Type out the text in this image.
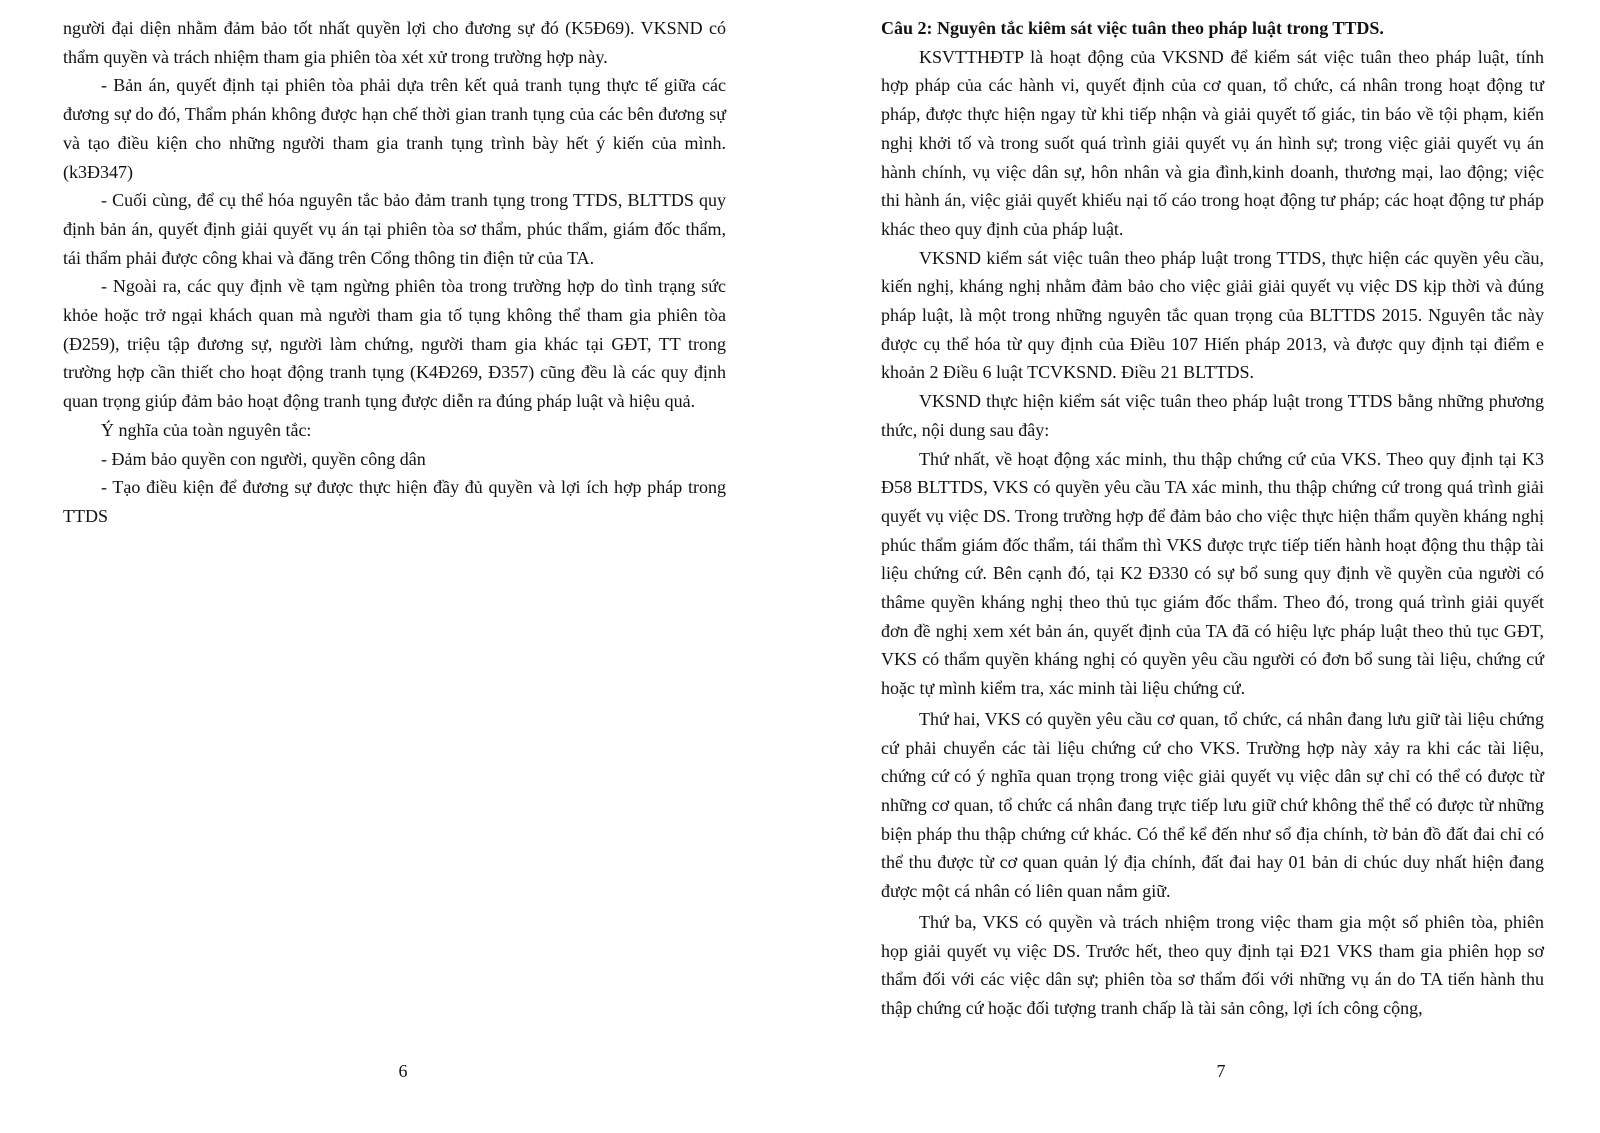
người đại diện nhằm đảm bảo tốt nhất quyền lợi cho đương sự đó (K5Đ69). VKSND có thẩm quyền và trách nhiệm tham gia phiên tòa xét xử trong trường hợp này.

- Bản án, quyết định tại phiên tòa phải dựa trên kết quả tranh tụng thực tế giữa các đương sự do đó, Thẩm phán không được hạn chế thời gian tranh tụng của các bên đương sự và tạo điều kiện cho những người tham gia tranh tụng trình bày hết ý kiến của mình. (k3Đ347)

- Cuối cùng, để cụ thể hóa nguyên tắc bảo đảm tranh tụng trong TTDS, BLTTDS quy định bản án, quyết định giải quyết vụ án tại phiên tòa sơ thẩm, phúc thẩm, giám đốc thẩm, tái thẩm phải được công khai và đăng trên Cổng thông tin điện tử của TA.

- Ngoài ra, các quy định về tạm ngừng phiên tòa trong trường hợp do tình trạng sức khỏe hoặc trở ngại khách quan mà người tham gia tố tụng không thể tham gia phiên tòa (Đ259), triệu tập đương sự, người làm chứng, người tham gia khác tại GĐT, TT trong trường hợp cần thiết cho hoạt động tranh tụng (K4Đ269, Đ357) cũng đều là các quy định quan trọng giúp đảm bảo hoạt động tranh tụng được diễn ra đúng pháp luật và hiệu quả.

Ý nghĩa của toàn nguyên tắc:

- Đảm bảo quyền con người, quyền công dân

- Tạo điều kiện để đương sự được thực hiện đầy đủ quyền và lợi ích hợp pháp trong TTDS

6

Câu 2: Nguyên tắc kiêm sát việc tuân theo pháp luật trong TTDS.

KSVTTHĐTP là hoạt động của VKSND để kiểm sát việc tuân theo pháp luật, tính hợp pháp của các hành vi, quyết định của cơ quan, tổ chức, cá nhân trong hoạt động tư pháp, được thực hiện ngay từ khi tiếp nhận và giải quyết tố giác, tin báo về tội phạm, kiến nghị khởi tố và trong suốt quá trình giải quyết vụ án hình sự; trong việc giải quyết vụ án hành chính, vụ việc dân sự, hôn nhân và gia đình,kinh doanh, thương mại, lao động; việc thi hành án, việc giải quyết khiếu nại tố cáo trong hoạt động tư pháp; các hoạt động tư pháp khác theo quy định của pháp luật.

VKSND kiểm sát việc tuân theo pháp luật trong TTDS, thực hiện các quyền yêu cầu, kiến nghị, kháng nghị nhằm đảm bảo cho việc giải giải quyết vụ việc DS kịp thời và đúng pháp luật, là một trong những nguyên tắc quan trọng của BLTTDS 2015. Nguyên tắc này được cụ thể hóa từ quy định của Điều 107 Hiến pháp 2013, và được quy định tại điểm e khoản 2 Điều 6 luật TCVKSND. Điều 21 BLTTDS.

VKSND thực hiện kiểm sát việc tuân theo pháp luật trong TTDS bằng những phương thức, nội dung sau đây:

Thứ nhất, về hoạt động xác minh, thu thập chứng cứ của VKS. Theo quy định tại K3 Đ58 BLTTDS, VKS có quyền yêu cầu TA xác minh, thu thập chứng cứ trong quá trình giải quyết vụ việc DS. Trong trường hợp để đảm bảo cho việc thực hiện thẩm quyền kháng nghị phúc thẩm giám đốc thẩm, tái thẩm thì VKS được trực tiếp tiến hành hoạt động thu thập tài liệu chứng cứ. Bên cạnh đó, tại K2 Đ330 có sự bổ sung quy định về quyền của người có thâme quyền kháng nghị theo thủ tục giám đốc thẩm. Theo đó, trong quá trình giải quyết đơn đề nghị xem xét bản án, quyết định của TA đã có hiệu lực pháp luật theo thủ tục GĐT, VKS có thẩm quyền kháng nghị có quyền yêu cầu người có đơn bổ sung tài liệu, chứng cứ hoặc tự mình kiểm tra, xác minh tài liệu chứng cứ.

Thứ hai, VKS có quyền yêu cầu cơ quan, tổ chức, cá nhân đang lưu giữ tài liệu chứng cứ phải chuyển các tài liệu chứng cứ cho VKS. Trường hợp này xảy ra khi các tài liệu, chứng cứ có ý nghĩa quan trọng trong việc giải quyết vụ việc dân sự chỉ có thể có được từ những cơ quan, tổ chức cá nhân đang trực tiếp lưu giữ chứ không thể thể có được từ những biện pháp thu thập chứng cứ khác. Có thể kể đến như sổ địa chính, tờ bản đồ đất đai chỉ có thể thu được từ cơ quan quản lý địa chính, đất đai hay 01 bản di chúc duy nhất hiện đang được một cá nhân có liên quan nắm giữ.

Thứ ba, VKS có quyền và trách nhiệm trong việc tham gia một số phiên tòa, phiên họp giải quyết vụ việc DS. Trước hết, theo quy định tại Đ21 VKS tham gia phiên họp sơ thẩm đối với các việc dân sự; phiên tòa sơ thẩm đối với những vụ án do TA tiến hành thu thập chứng cứ hoặc đối tượng tranh chấp là tài sản công, lợi ích công cộng,

7
